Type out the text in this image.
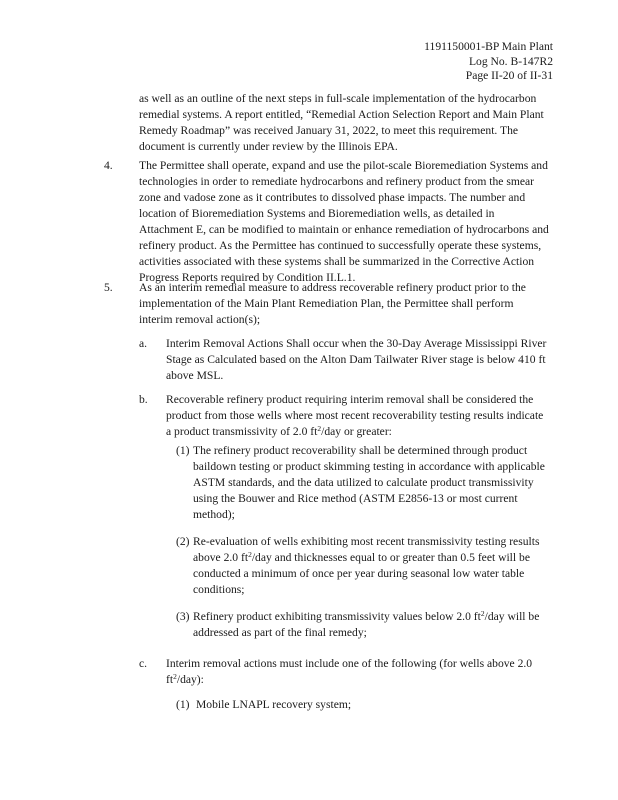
1191150001-BP Main Plant
Log No. B-147R2
Page II-20 of II-31
as well as an outline of the next steps in full-scale implementation of the hydrocarbon
remedial systems. A report entitled, “Remedial Action Selection Report and Main Plant
Remedy Roadmap” was received January 31, 2022, to meet this requirement. The
document is currently under review by the Illinois EPA.
4. The Permittee shall operate, expand and use the pilot-scale Bioremediation Systems and
technologies in order to remediate hydrocarbons and refinery product from the smear
zone and vadose zone as it contributes to dissolved phase impacts. The number and
location of Bioremediation Systems and Bioremediation wells, as detailed in
Attachment E, can be modified to maintain or enhance remediation of hydrocarbons and
refinery product. As the Permittee has continued to successfully operate these systems,
activities associated with these systems shall be summarized in the Corrective Action
Progress Reports required by Condition II.L.1.
5. As an interim remedial measure to address recoverable refinery product prior to the
implementation of the Main Plant Remediation Plan, the Permittee shall perform
interim removal action(s);
a. Interim Removal Actions Shall occur when the 30-Day Average Mississippi River
Stage as Calculated based on the Alton Dam Tailwater River stage is below 410 ft
above MSL.
b. Recoverable refinery product requiring interim removal shall be considered the
product from those wells where most recent recoverability testing results indicate
a product transmissivity of 2.0 $ft^2$/day or greater:
(1) The refinery product recoverability shall be determined through product
baildown testing or product skimming testing in accordance with applicable
ASTM standards, and the data utilized to calculate product transmissivity
using the Bouwer and Rice method (ASTM E2856-13 or most current
method);
(2) Re-evaluation of wells exhibiting most recent transmissivity testing results
above 2.0 $ft^2$/day and thicknesses equal to or greater than 0.5 feet will be
conducted a minimum of once per year during seasonal low water table
conditions;
(3) Refinery product exhibiting transmissivity values below 2.0 $ft^2$/day will be
addressed as part of the final remedy;
c. Interim removal actions must include one of the following (for wells above 2.0
$ft^2/day$):
(1) Mobile LNAPL recovery system;
